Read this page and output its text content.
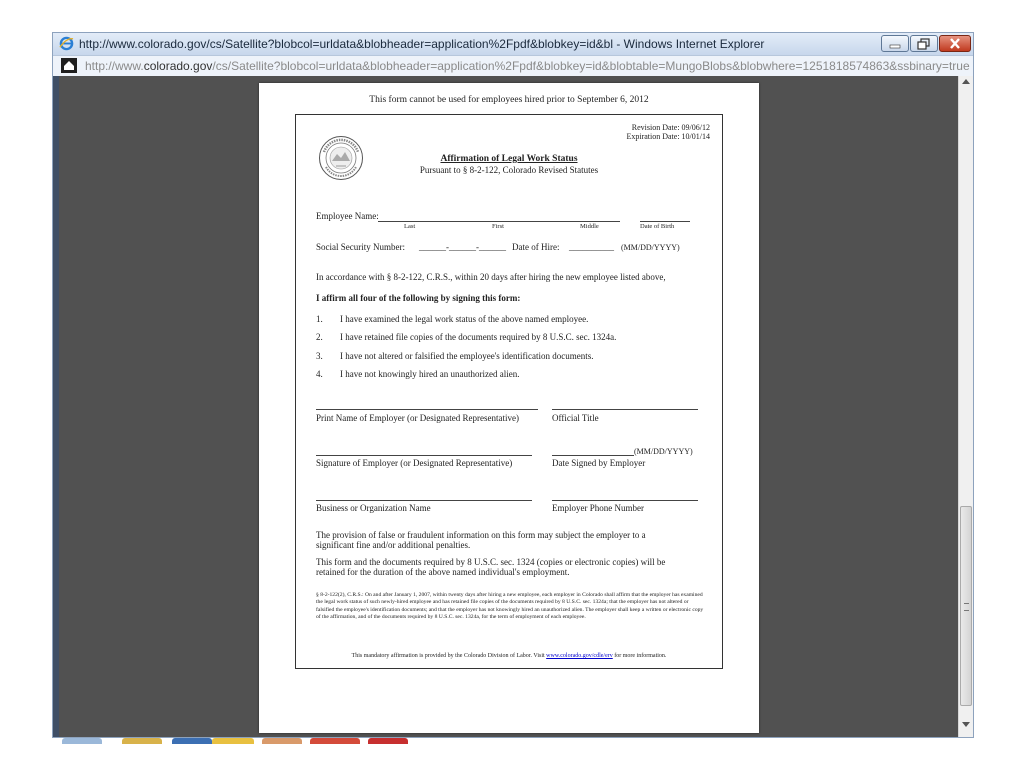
http://www.colorado.gov/cs/Satellite?blobcol=urldata&blobheader=application%2Fpdf&blobkey=id&bl - Windows Internet Explorer
http://www.colorado.gov/cs/Satellite?blobcol=urldata&blobheader=application%2Fpdf&blobkey=id&blobtable=MungoBlobs&blobwhere=1251818574863&ssbinary=true
This form cannot be used for employees hired prior to September 6, 2012
Revision Date: 09/06/12
Expiration Date: 10/01/14
Affirmation of Legal Work Status
Pursuant to § 8-2-122, Colorado Revised Statutes
Employee Name:
Last	First	Middle	Date of Birth
Social Security Number: ______-______-______ Date of Hire: __________ (MM/DD/YYYY)
In accordance with § 8-2-122, C.R.S., within 20 days after hiring the new employee listed above,
I affirm all four of the following by signing this form:
1. I have examined the legal work status of the above named employee.
2. I have retained file copies of the documents required by 8 U.S.C. sec. 1324a.
3. I have not altered or falsified the employee's identification documents.
4. I have not knowingly hired an unauthorized alien.
Print Name of Employer (or Designated Representative)	Official Title
(MM/DD/YYYY)
Signature of Employer (or Designated Representative)	Date Signed by Employer
Business or Organization Name	Employer Phone Number
The provision of false or fraudulent information on this form may subject the employer to a
significant fine and/or additional penalties.
This form and the documents required by 8 U.S.C. sec. 1324 (copies or electronic copies) will be
retained for the duration of the above named individual's employment.
§ 8-2-122(2), C.R.S.: On and after January 1, 2007, within twenty days after hiring a new employee, each employer in Colorado shall affirm that the employer has examined the legal work status of such newly-hired employee and has retained file copies of the documents required by 8 U.S.C. sec. 1324a; that the employer has not altered or falsified the employee's identification documents; and that the employer has not knowingly hired an unauthorized alien. The employer shall keep a written or electronic copy of the affirmation, and of the documents required by 8 U.S.C. sec. 1324a, for the term of employment of each employee.
This mandatory affirmation is provided by the Colorado Division of Labor. Visit www.colorado.gov/cdle/erv for more information.
